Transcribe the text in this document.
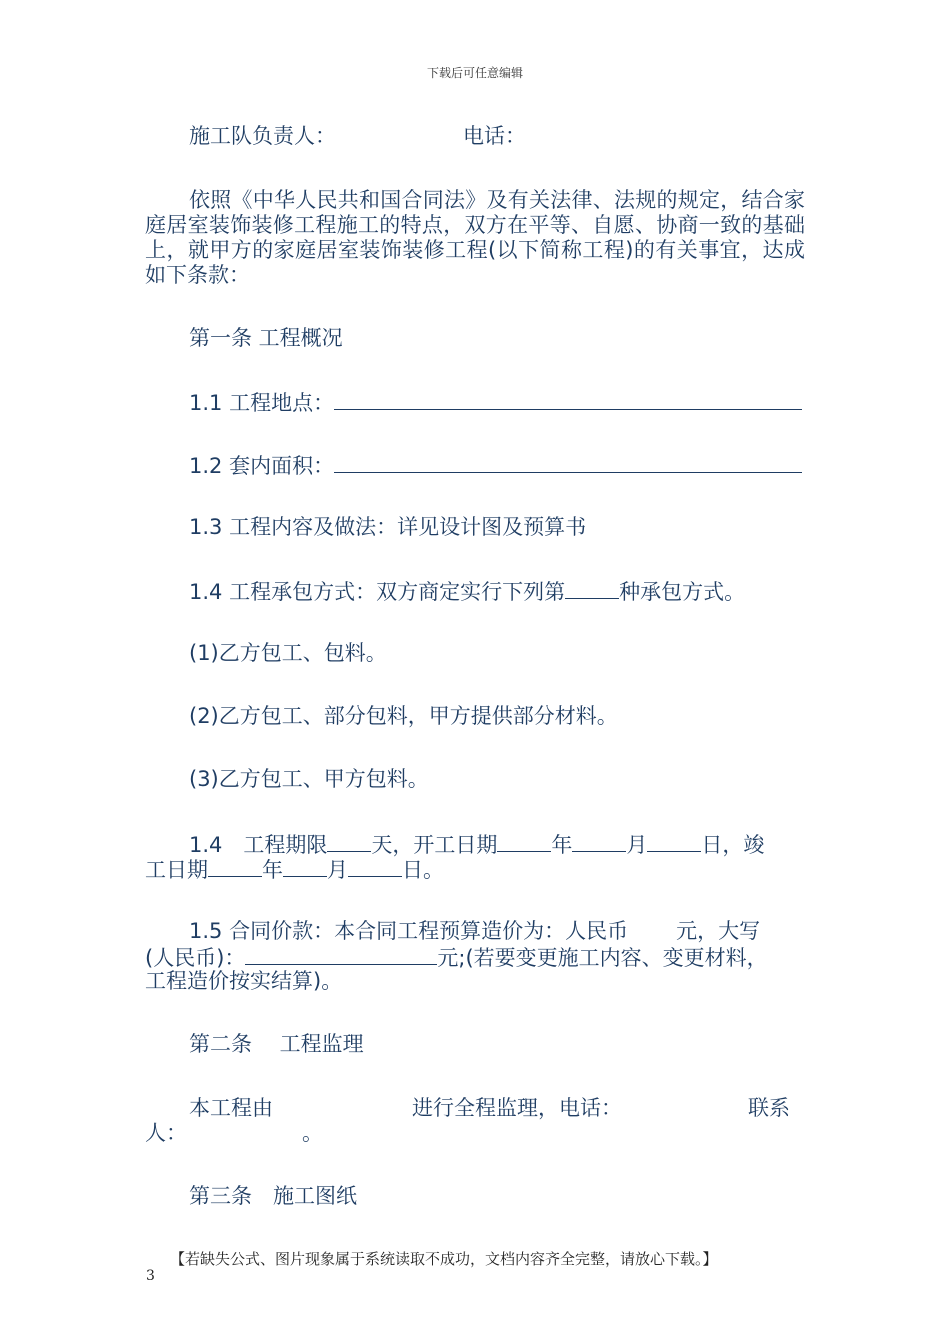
下载后可任意编辑
施工队负责人：	电话：

依照《中华人民共和国合同法》及有关法律、法规的规定，结合家庭居室装饰装修工程施工的特点，双方在平等、自愿、协商一致的基础上，就甲方的家庭居室装饰装修工程(以下简称工程)的有关事宜，达成如下条款：

第一条 工程概况
1.1 工程地点：
1.2 套内面积：
1.3 工程内容及做法：详见设计图及预算书
1.4 工程承包方式：双方商定实行下列第	种承包方式。
(1)乙方包工、包料。
(2)乙方包工、部分包料，甲方提供部分材料。
(3)乙方包工、甲方包料。
1.4　工程期限 天，开工日期	年	月	日，竣
工日期	年 月	日。
1.5 合同价款：本合同工程预算造价为：人民币 元，大写
(人民币)：	元;(若要变更施工内容、变更材料，
工程造价按实结算)。
第二条　 工程监理
本工程由	进行全程监理，电话：	联系
人：	。
第三条　施工图纸
【若缺失公式、图片现象属于系统读取不成功，文档内容齐全完整，请放心下载。】
3
